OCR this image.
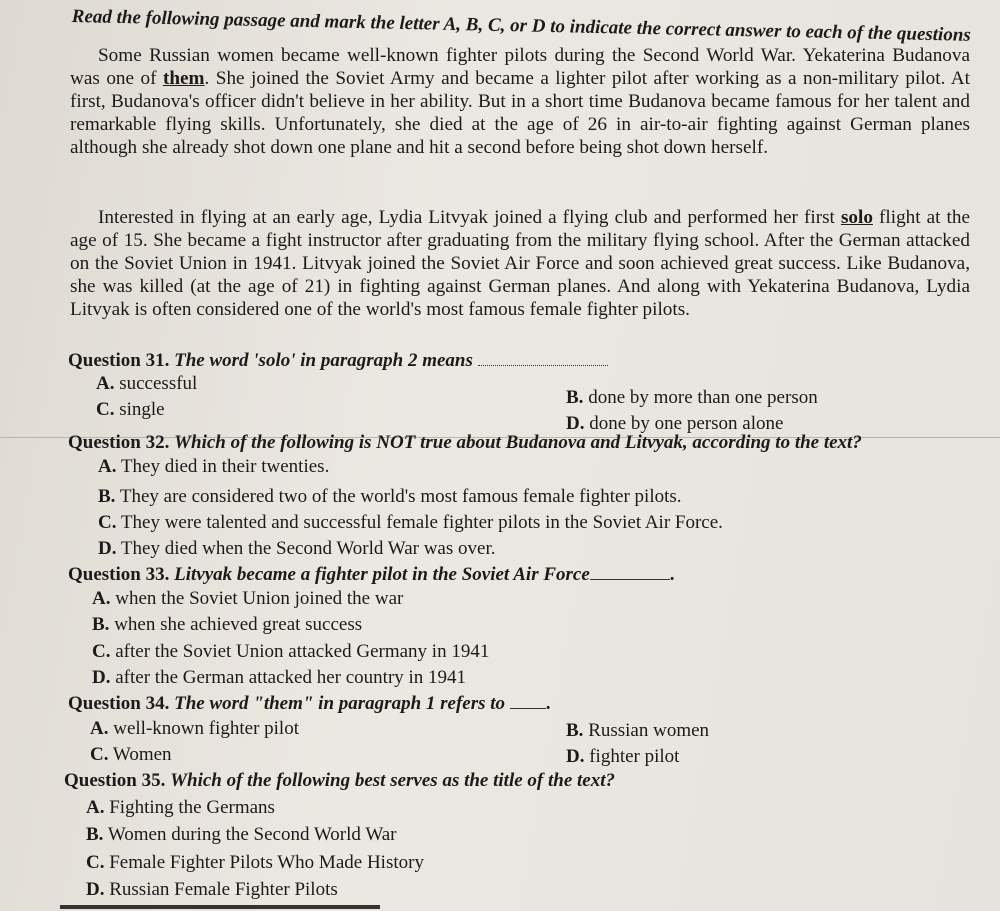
Read the following passage and mark the letter A, B, C, or D to indicate the correct answer to each of the questions
Some Russian women became well-known fighter pilots during the Second World War. Yekaterina Budanova was one of them. She joined the Soviet Army and became a lighter pilot after working as a non-military pilot. At first, Budanova's officer didn't believe in her ability. But in a short time Budanova became famous for her talent and remarkable flying skills. Unfortunately, she died at the age of 26 in air-to-air fighting against German planes although she already shot down one plane and hit a second before being shot down herself.
Interested in flying at an early age, Lydia Litvyak joined a flying club and performed her first solo flight at the age of 15. She became a fight instructor after graduating from the military flying school. After the German attacked on the Soviet Union in 1941. Litvyak joined the Soviet Air Force and soon achieved great success. Like Budanova, she was killed (at the age of 21) in fighting against German planes. And along with Yekaterina Budanova, Lydia Litvyak is often considered one of the world's most famous female fighter pilots.
Question 31. The word 'solo' in paragraph 2 means
A. successful
B. done by more than one person
C. single
D. done by one person alone
Question 32. Which of the following is NOT true about Budanova and Litvyak, according to the text?
A. They died in their twenties.
B. They are considered two of the world's most famous female fighter pilots.
C. They were talented and successful female fighter pilots in the Soviet Air Force.
D. They died when the Second World War was over.
Question 33. Litvyak became a fighter pilot in the Soviet Air Force	.
A. when the Soviet Union joined the war
B. when she achieved great success
C. after the Soviet Union attacked Germany in 1941
D. after the German attacked her country in 1941
Question 34. The word "them" in paragraph 1 refers to .
A. well-known fighter pilot	B. Russian women
C. Women	D. fighter pilot
Question 35. Which of the following best serves as the title of the text?
A. Fighting the Germans
B. Women during the Second World War
C. Female Fighter Pilots Who Made History
D. Russian Female Fighter Pilots
